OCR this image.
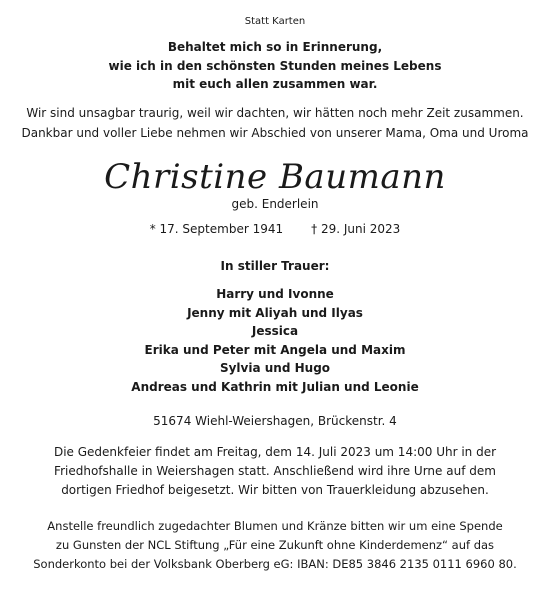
Statt Karten
Behaltet mich so in Erinnerung,
wie ich in den schönsten Stunden meines Lebens
mit euch allen zusammen war.
Wir sind unsagbar traurig, weil wir dachten, wir hätten noch mehr Zeit zusammen.
Dankbar und voller Liebe nehmen wir Abschied von unserer Mama, Oma und Uroma
Christine Baumann
geb. Enderlein
* 17. September 1941 † 29. Juni 2023
In stiller Trauer:
Harry und Ivonne
Jenny mit Aliyah und Ilyas
Jessica
Erika und Peter mit Angela und Maxim
Sylvia und Hugo
Andreas und Kathrin mit Julian und Leonie
51674 Wiehl-Weiershagen, Brückenstr. 4
Die Gedenkfeier findet am Freitag, dem 14. Juli 2023 um 14:00 Uhr in der
Friedhofshalle in Weiershagen statt. Anschließend wird ihre Urne auf dem
dortigen Friedhof beigesetzt. Wir bitten von Trauerkleidung abzusehen.
Anstelle freundlich zugedachter Blumen und Kränze bitten wir um eine Spende
zu Gunsten der NCL Stiftung „Für eine Zukunft ohne Kinderdemenz“ auf das
Sonderkonto bei der Volksbank Oberberg eG: IBAN: DE85 3846 2135 0111 6960 80.
